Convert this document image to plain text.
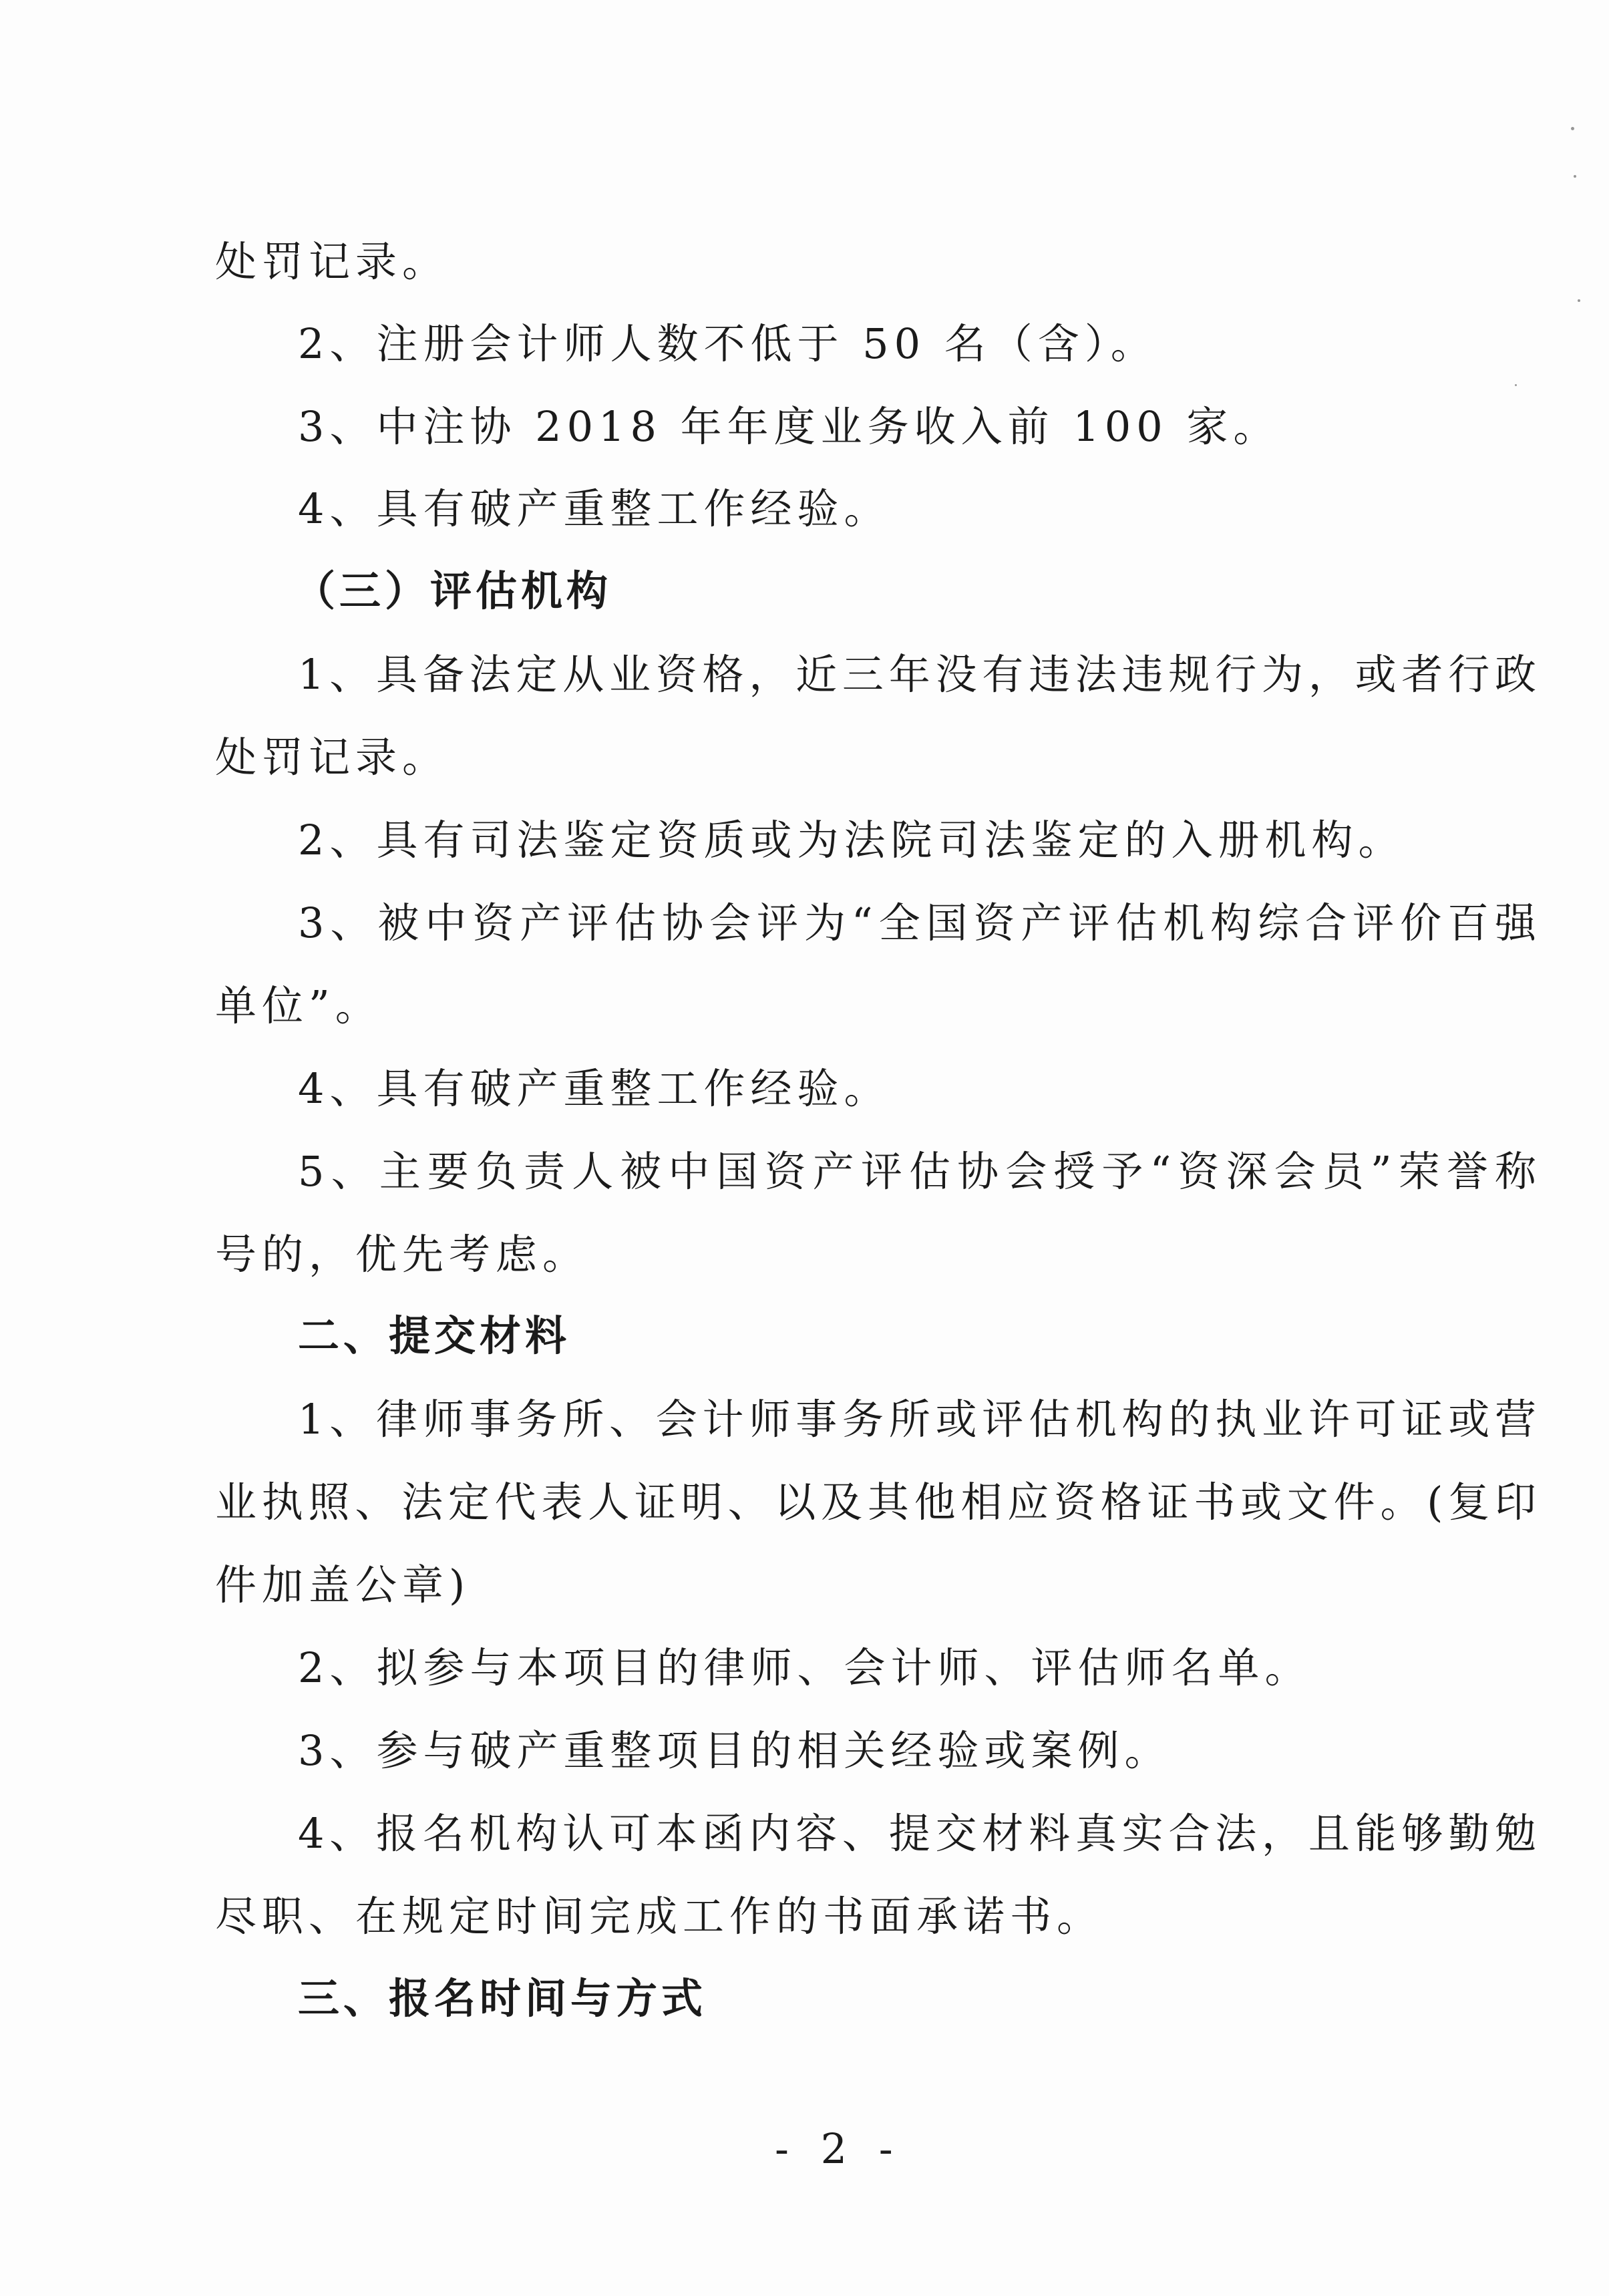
处罚记录。
2、注册会计师人数不低于 50 名（含）。
3、中注协 2018 年年度业务收入前 100 家。
4、具有破产重整工作经验。
（三）评估机构
1、具备法定从业资格，近三年没有违法违规行为，或者行政
处罚记录。
2、具有司法鉴定资质或为法院司法鉴定的入册机构。
3、被中资产评估协会评为“全国资产评估机构综合评价百强
单位”。
4、具有破产重整工作经验。
5、主要负责人被中国资产评估协会授予“资深会员”荣誉称
号的，优先考虑。
二、提交材料
1、律师事务所、会计师事务所或评估机构的执业许可证或营
业执照、法定代表人证明、以及其他相应资格证书或文件。(复印
件加盖公章)
2、拟参与本项目的律师、会计师、评估师名单。
3、参与破产重整项目的相关经验或案例。
4、报名机构认可本函内容、提交材料真实合法，且能够勤勉
尽职、在规定时间完成工作的书面承诺书。
三、报名时间与方式
- 2 -
